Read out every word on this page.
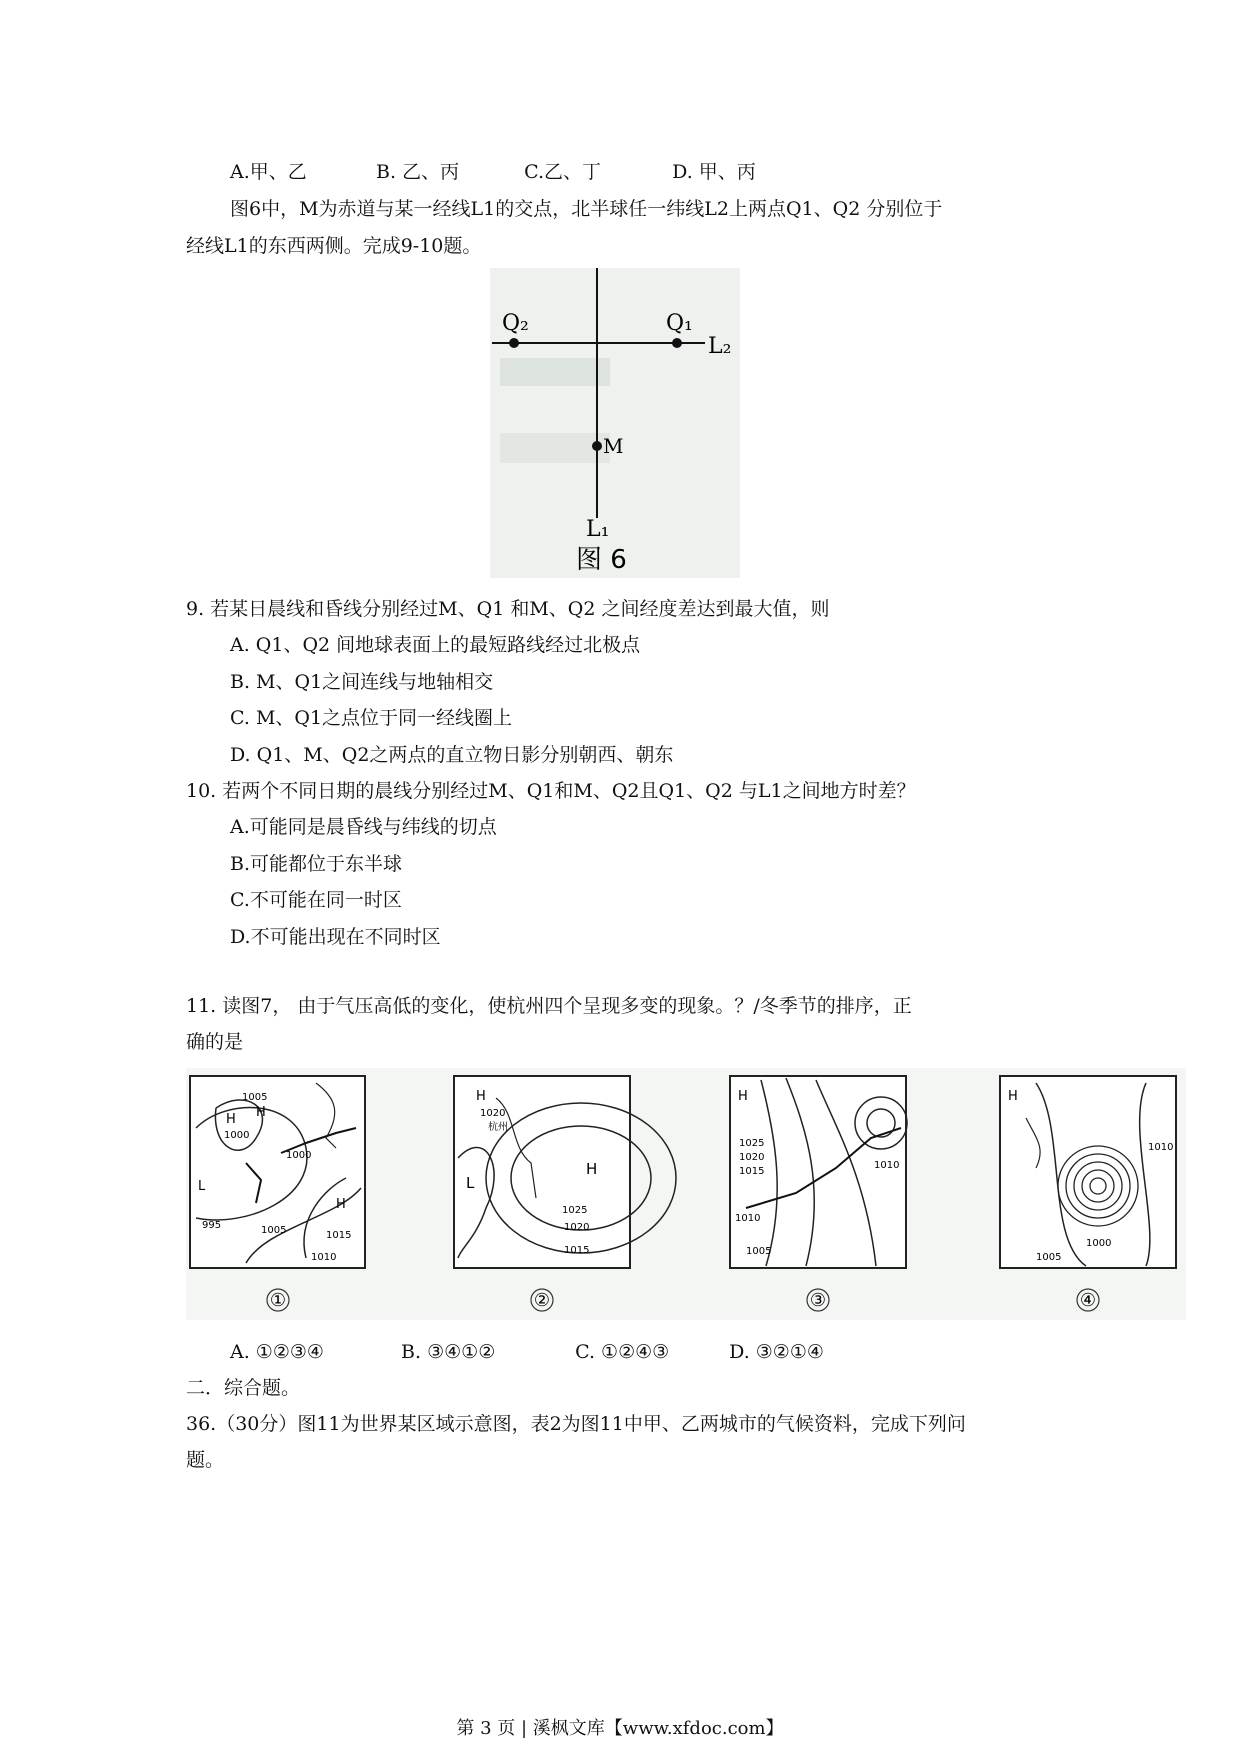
A.甲、乙	B. 乙、丙	C.乙、丁	D. 甲、丙
图6中，M为赤道与某一经线L1的交点，北半球任一纬线L2上两点Q1、Q2 分别位于
经线L1的东西两侧。完成9-10题。
Q₂	Q₁
L₂
M
L₁
图 6
9. 若某日晨线和昏线分别经过M、Q1 和M、Q2 之间经度差达到最大值，则
A. Q1、Q2 间地球表面上的最短路线经过北极点
B. M、Q1之间连线与地轴相交
C. M、Q1之点位于同一经线圈上
D. Q1、M、Q2之两点的直立物日影分别朝西、朝东
10. 若两个不同日期的晨线分别经过M、Q1和M、Q2且Q1、Q2 与L1之间地方时差？
A.可能同是晨昏线与纬线的切点
B.可能都位于东半球
C.不可能在同一时区
D.不可能出现在不同时区
11. 读图7， 由于气压高低的变化，使杭州四个呈现多变的现象。？/冬季节的排序，正
确的是
1005
H H
1000
1000
L
995	1005
H
1015
1010
①
H
1020
杭州
L
H
1025
1020
1015
②
H
1025
1020
1015
1010
1010
1005
③
H
1010
1000
1005
④
A. ①②③④	B. ③④①②	C. ①②④③	D. ③②①④
二．综合题。
36.（30分）图11为世界某区域示意图，表2为图11中甲、乙两城市的气候资料，完成下列问
题。
第 3 页 | 溪枫文库【www.xfdoc.com】
